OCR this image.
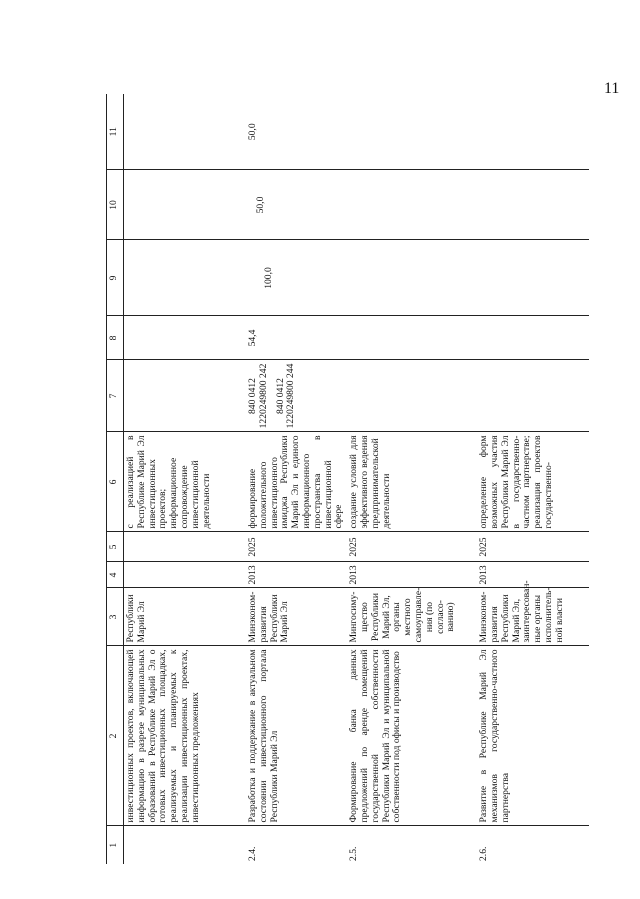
11
1	2	3	4	5	6	7	8	9	10	11
	инвестиционных проектов, включающей информацию в разрезе муниципальных образований в Республике Марий Эл о готовых инвестиционных площадках, реализуемых и планируемых к реализации инвестиционных проектах, инвестиционных предложениях	Республики Марий Эл			с реализацией в Республике Марий Эл инвестиционных проектов; информационное сопровождение инвестиционной деятельности	

2.4.	Разработка и поддержание в актуальном состоянии инвестиционного портала Республики Марий Эл	Минэконом-развития Республики Марий Эл	2013	2025	формирование положительного инвестиционного имиджа Республики Марий Эл и единого информационного пространства в инвестиционной сфере	840 0412 1220249800 242 840 0412 1220249800 244	54,4	100,0	50,0	50,0
2.5.	Формирование банка данных предложений по аренде помещений государственной собственности Республики Марий Эл и муниципальной собственности под офисы и производство	Мингосиму-щество Республики Марий Эл, органы местного самоуправле-ния (по согласо-ванию)	2013	2025	создание условий для эффективного ведения предпринимательской деятельности					
2.6.	Развитие в Республике Марий Эл механизмов государственно-частного партнерства	Минэконом-развития Республики Марий Эл, заинтересован-ные органы исполнитель-ной власти	2013	2025	определение форм возможных участия Республики Марий Эл в государственно-частном партнерстве; реализация проектов государственно-					
